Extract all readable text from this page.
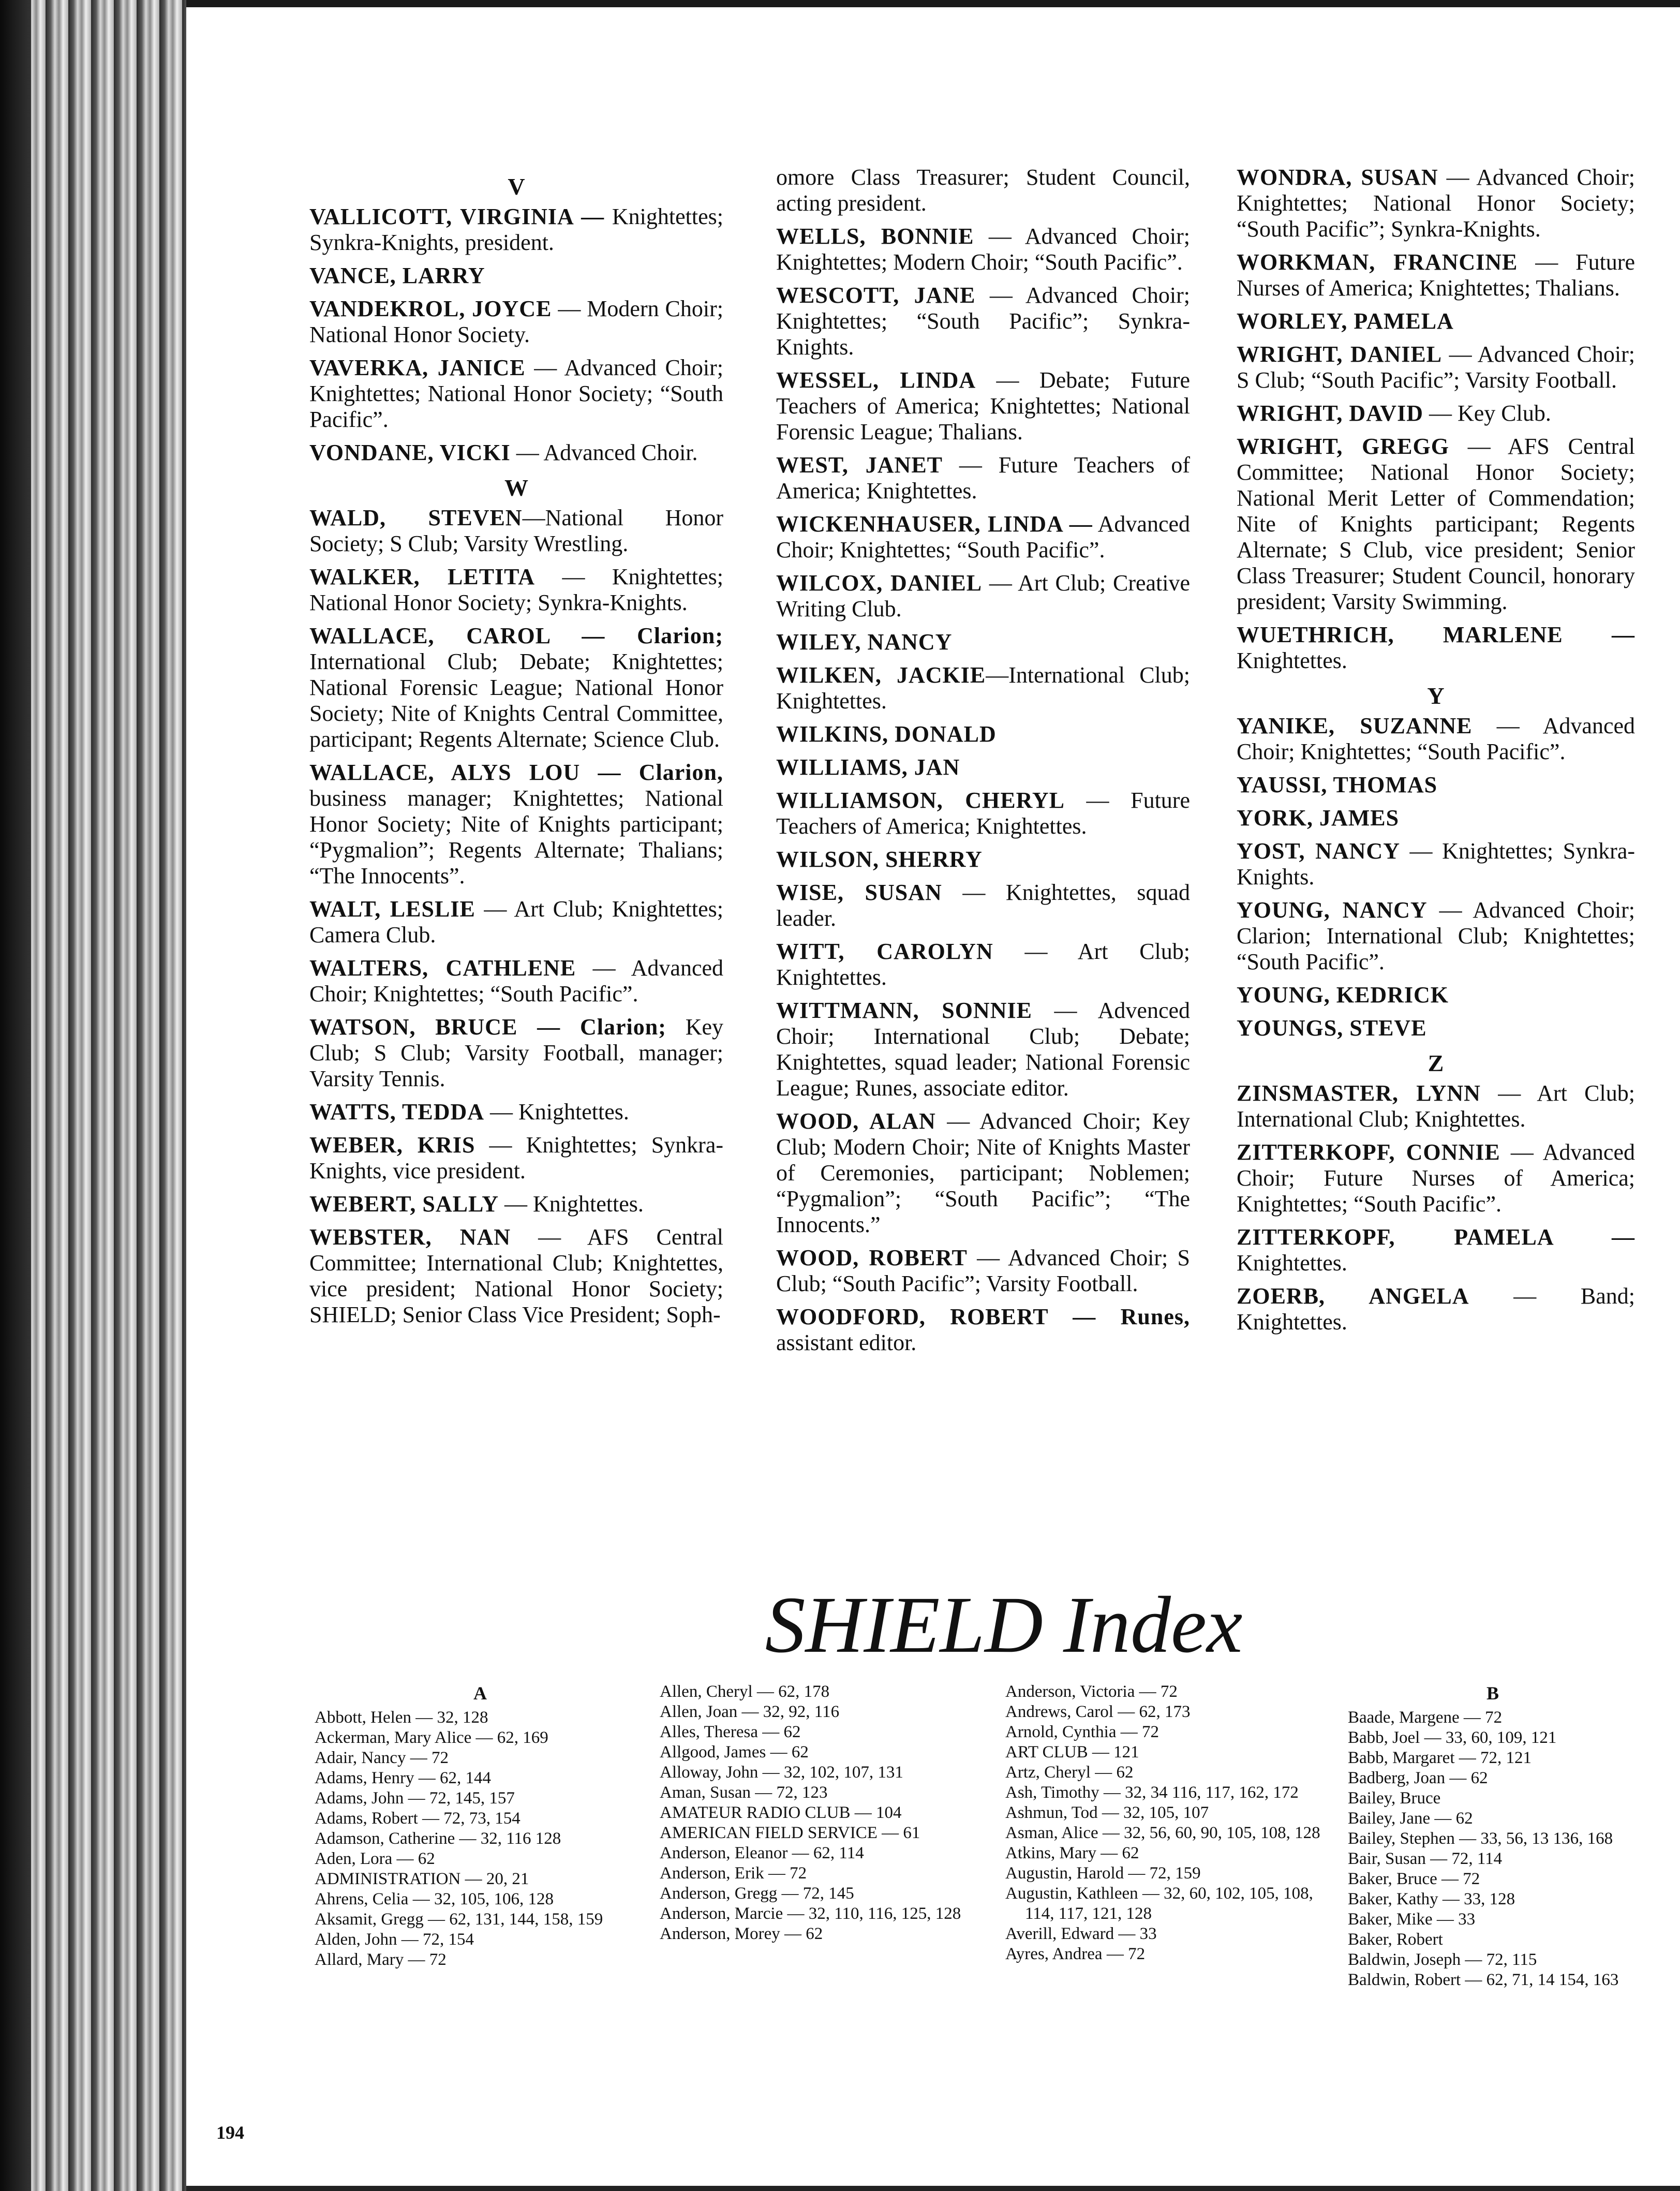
V
VALLICOTT, VIRGINIA — Knightettes; Synkra-Knights, president.
VANCE, LARRY
VANDEKROL, JOYCE — Modern Choir; National Honor Society.
VAVERKA, JANICE — Advanced Choir; Knightettes; National Honor Society; “South Pacific”.
VONDANE, VICKI — Advanced Choir.
W
WALD, STEVEN—National Honor Society; S Club; Varsity Wrestling.
WALKER, LETITA — Knightettes; National Honor Society; Synkra-Knights.
WALLACE, CAROL — Clarion; International Club; Debate; Knightettes; National Forensic League; National Honor Society; Nite of Knights Central Committee, participant; Regents Alternate; Science Club.
WALLACE, ALYS LOU — Clarion, business manager; Knightettes; National Honor Society; Nite of Knights participant; “Pygmalion”; Regents Alternate; Thalians; “The Innocents”.
WALT, LESLIE — Art Club; Knightettes; Camera Club.
WALTERS, CATHLENE — Advanced Choir; Knightettes; “South Pacific”.
WATSON, BRUCE — Clarion; Key Club; S Club; Varsity Football, manager; Varsity Tennis.
WATTS, TEDDA — Knightettes.
WEBER, KRIS — Knightettes; Synkra-Knights, vice president.
WEBERT, SALLY — Knightettes.
WEBSTER, NAN — AFS Central Committee; International Club; Knightettes, vice president; National Honor Society; SHIELD; Senior Class Vice President; Soph-
omore Class Treasurer; Student Council, acting president.
WELLS, BONNIE — Advanced Choir; Knightettes; Modern Choir; “South Pacific”.
WESCOTT, JANE — Advanced Choir; Knightettes; “South Pacific”; Synkra-Knights.
WESSEL, LINDA — Debate; Future Teachers of America; Knightettes; National Forensic League; Thalians.
WEST, JANET — Future Teachers of America; Knightettes.
WICKENHAUSER, LINDA — Advanced Choir; Knightettes; “South Pacific”.
WILCOX, DANIEL — Art Club; Creative Writing Club.
WILEY, NANCY
WILKEN, JACKIE—International Club; Knightettes.
WILKINS, DONALD
WILLIAMS, JAN
WILLIAMSON, CHERYL — Future Teachers of America; Knightettes.
WILSON, SHERRY
WISE, SUSAN — Knightettes, squad leader.
WITT, CAROLYN — Art Club; Knightettes.
WITTMANN, SONNIE — Advenced Choir; International Club; Debate; Knightettes, squad leader; National Forensic League; Runes, associate editor.
WOOD, ALAN — Advanced Choir; Key Club; Modern Choir; Nite of Knights Master of Ceremonies, participant; Noblemen; “Pygmalion”; “South Pacific”; “The Innocents.”
WOOD, ROBERT — Advanced Choir; S Club; “South Pacific”; Varsity Football.
WOODFORD, ROBERT — Runes, assistant editor.
WONDRA, SUSAN — Advanced Choir; Knightettes; National Honor Society; “South Pacific”; Synkra-Knights.
WORKMAN, FRANCINE — Future Nurses of America; Knightettes; Thalians.
WORLEY, PAMELA
WRIGHT, DANIEL — Advanced Choir; S Club; “South Pacific”; Varsity Football.
WRIGHT, DAVID — Key Club.
WRIGHT, GREGG — AFS Central Committee; National Honor Society; National Merit Letter of Commendation; Nite of Knights participant; Regents Alternate; S Club, vice president; Senior Class Treasurer; Student Council, honorary president; Varsity Swimming.
WUETHRICH, MARLENE — Knightettes.
Y
YANIKE, SUZANNE — Advanced Choir; Knightettes; “South Pacific”.
YAUSSI, THOMAS
YORK, JAMES
YOST, NANCY — Knightettes; Synkra-Knights.
YOUNG, NANCY — Advanced Choir; Clarion; International Club; Knightettes; “South Pacific”.
YOUNG, KEDRICK
YOUNGS, STEVE
Z
ZINSMASTER, LYNN — Art Club; International Club; Knightettes.
ZITTERKOPF, CONNIE — Advanced Choir; Future Nurses of America; Knightettes; “South Pacific”.
ZITTERKOPF, PAMELA — Knightettes.
ZOERB, ANGELA — Band; Knightettes.
SHIELD Index
A
Abbott, Helen — 32, 128
Ackerman, Mary Alice — 62, 169
Adair, Nancy — 72
Adams, Henry — 62, 144
Adams, John — 72, 145, 157
Adams, Robert — 72, 73, 154
Adamson, Catherine — 32, 116 128
Aden, Lora — 62
ADMINISTRATION — 20, 21
Ahrens, Celia — 32, 105, 106, 128
Aksamit, Gregg — 62, 131, 144, 158, 159
Alden, John — 72, 154
Allard, Mary — 72
Allen, Cheryl — 62, 178
Allen, Joan — 32, 92, 116
Alles, Theresa — 62
Allgood, James — 62
Alloway, John — 32, 102, 107, 131
Aman, Susan — 72, 123
AMATEUR RADIO CLUB — 104
AMERICAN FIELD SERVICE — 61
Anderson, Eleanor — 62, 114
Anderson, Erik — 72
Anderson, Gregg — 72, 145
Anderson, Marcie — 32, 110, 116, 125, 128
Anderson, Morey — 62
Anderson, Victoria — 72
Andrews, Carol — 62, 173
Arnold, Cynthia — 72
ART CLUB — 121
Artz, Cheryl — 62
Ash, Timothy — 32, 34 116, 117, 162, 172
Ashmun, Tod — 32, 105, 107
Asman, Alice — 32, 56, 60, 90, 105, 108, 128
Atkins, Mary — 62
Augustin, Harold — 72, 159
Augustin, Kathleen — 32, 60, 102, 105, 108, 114, 117, 121, 128
Averill, Edward — 33
Ayres, Andrea — 72
B
Baade, Margene — 72
Babb, Joel — 33, 60, 109, 121
Babb, Margaret — 72, 121
Badberg, Joan — 62
Bailey, Bruce
Bailey, Jane — 62
Bailey, Stephen — 33, 56, 13 136, 168
Bair, Susan — 72, 114
Baker, Bruce — 72
Baker, Kathy — 33, 128
Baker, Mike — 33
Baker, Robert
Baldwin, Joseph — 72, 115
Baldwin, Robert — 62, 71, 14 154, 163
194
